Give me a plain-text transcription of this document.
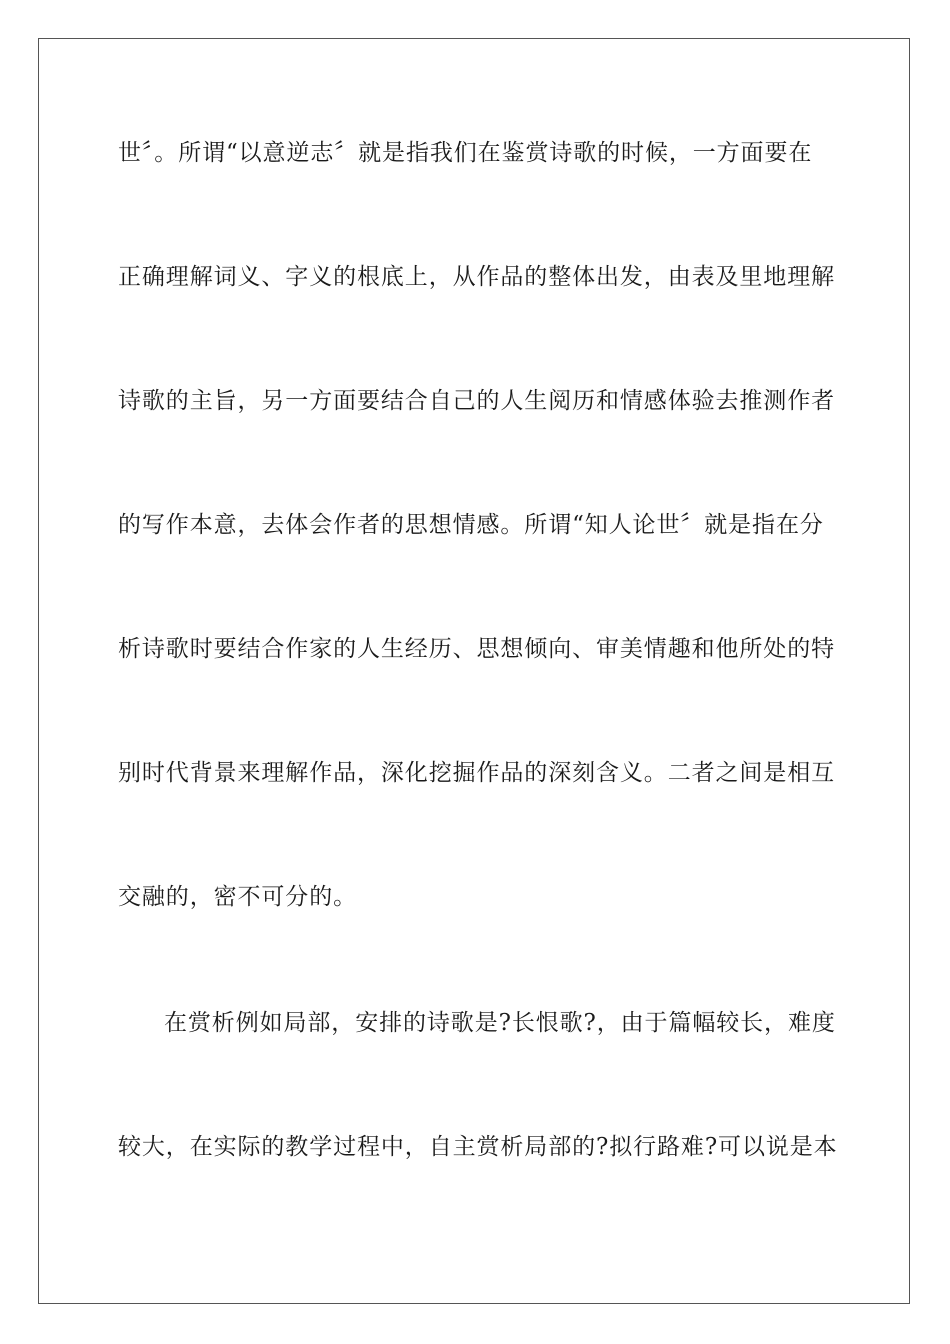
世〞。所谓“以意逆志〞就是指我们在鉴赏诗歌的时候，一方面要在
正确理解词义、字义的根底上，从作品的整体出发，由表及里地理解
诗歌的主旨，另一方面要结合自己的人生阅历和情感体验去推测作者
的写作本意，去体会作者的思想情感。所谓“知人论世〞就是指在分
析诗歌时要结合作家的人生经历、思想倾向、审美情趣和他所处的特
别时代背景来理解作品，深化挖掘作品的深刻含义。二者之间是相互
交融的，密不可分的。
在赏析例如局部，安排的诗歌是?长恨歌?，由于篇幅较长，难度
较大，在实际的教学过程中，自主赏析局部的?拟行路难?可以说是本
